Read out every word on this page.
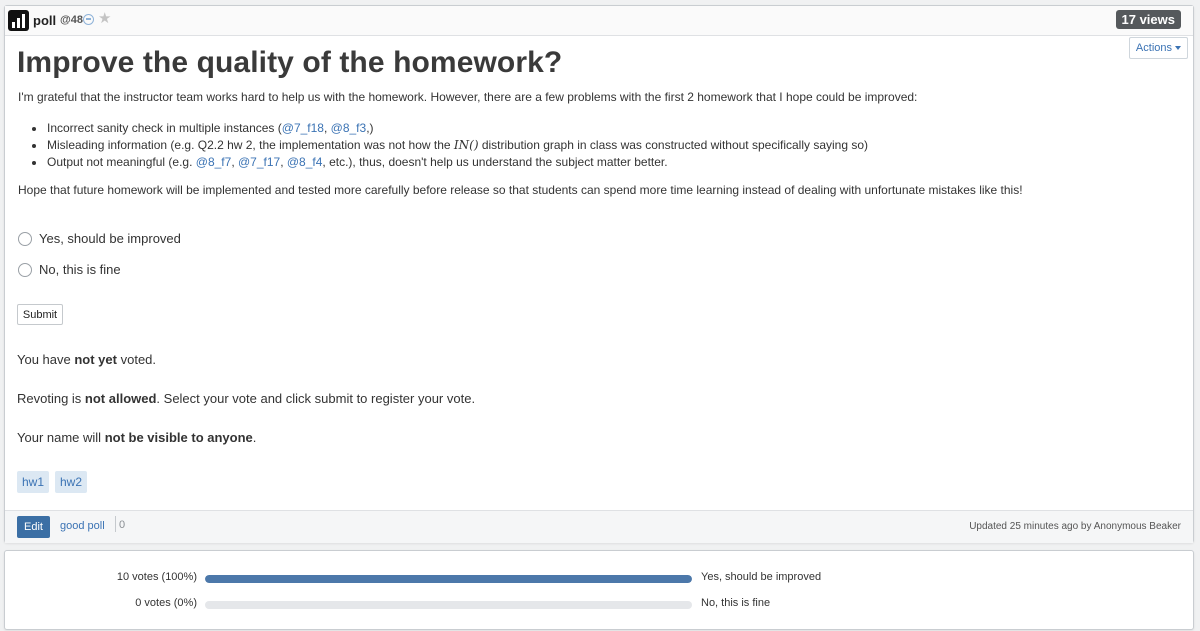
poll @48 ★	17 views
Actions
Improve the quality of the homework?

I'm grateful that the instructor team works hard to help us with the homework. However, there are a few problems with the first 2 homework that I hope could be improved:

Incorrect sanity check in multiple instances (@7_f18, @8_f3,)
Misleading information (e.g. Q2.2 hw 2, the implementation was not how the IN() distribution graph in class was constructed without specifically saying so)
Output not meaningful (e.g. @8_f7, @7_f17, @8_f4, etc.), thus, doesn't help us understand the subject matter better.

Hope that future homework will be implemented and tested more carefully before release so that students can spend more time learning instead of dealing with unfortunate mistakes like this!

Yes, should be improved
No, this is fine
Submit
You have not yet voted.
Revoting is not allowed. Select your vote and click submit to register your vote.
Your name will not be visible to anyone.
hw1	hw2
Edit	good poll	0	Updated 25 minutes ago by Anonymous Beaker
10 votes (100%)	Yes, should be improved
0 votes (0%)	No, this is fine
